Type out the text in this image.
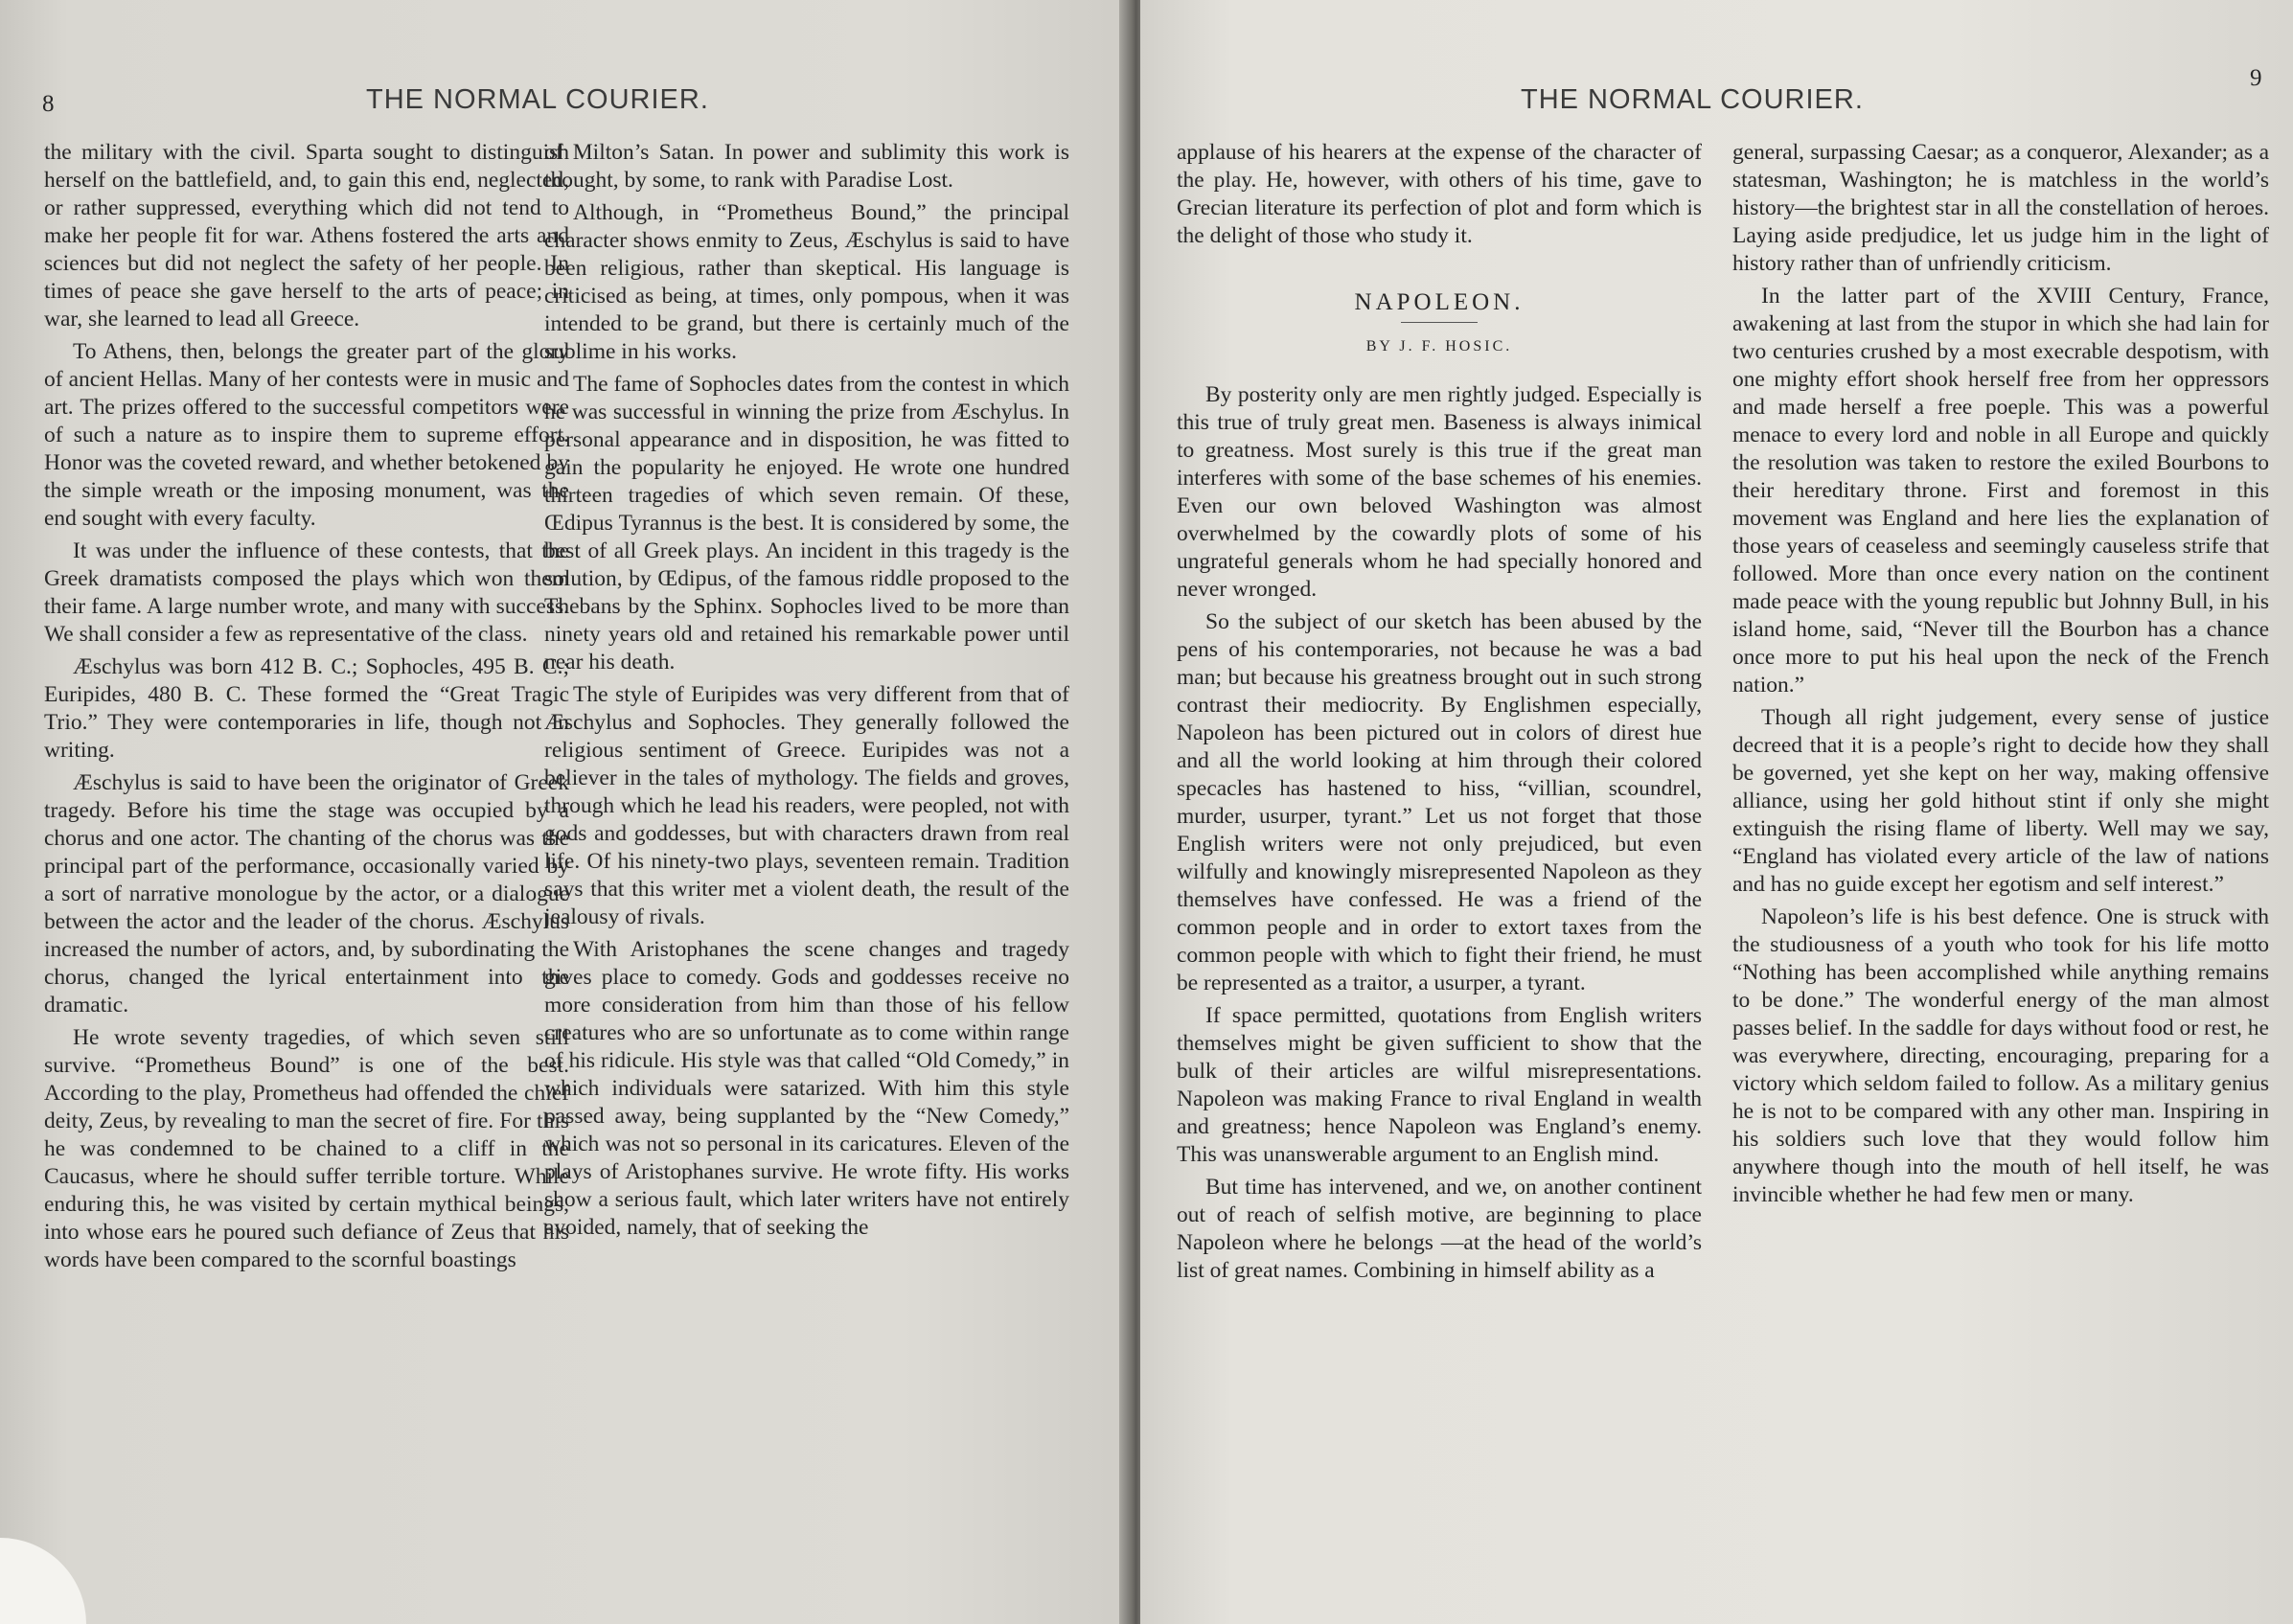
8	THE NORMAL COURIER.

the military with the civil. Sparta sought to distinguish herself on the battlefield, and, to gain this end, neglected, or rather suppressed, everything which did not tend to make her people fit for war. Athens fostered the arts and sciences but did not neglect the safety of her people. In times of peace she gave herself to the arts of peace; in war, she learned to lead all Greece.

To Athens, then, belongs the greater part of the glory of ancient Hellas. Many of her contests were in music and art. The prizes offered to the successful competitors were of such a nature as to inspire them to supreme effort. Honor was the coveted reward, and whether betokened by the simple wreath or the imposing monument, was the end sought with every faculty.

It was under the influence of these contests, that the Greek dramatists composed the plays which won them their fame. A large number wrote, and many with success. We shall consider a few as representative of the class.

Æschylus was born 412 B. C.; Sophocles, 495 B. C.; Euripides, 480 B. C. These formed the “Great Tragic Trio.” They were contemporaries in life, though not in writing.

Æschylus is said to have been the originator of Greek tragedy. Before his time the stage was occupied by a chorus and one actor. The chanting of the chorus was the principal part of the performance, occasionally varied by a sort of narrative monologue by the actor, or a dialogue between the actor and the leader of the chorus. Æschylus increased the number of actors, and, by subordinating the chorus, changed the lyrical entertainment into the dramatic.

He wrote seventy tragedies, of which seven still survive. “Prometheus Bound” is one of the best. According to the play, Prometheus had offended the chief deity, Zeus, by revealing to man the secret of fire. For this he was condemned to be chained to a cliff in the Caucasus, where he should suffer terrible torture. While enduring this, he was visited by certain mythical beings, into whose ears he poured such defiance of Zeus that his words have been compared to the scornful boastings

of Milton’s Satan. In power and sublimity this work is thought, by some, to rank with Paradise Lost.

Although, in “Prometheus Bound,” the principal character shows enmity to Zeus, Æschylus is said to have been religious, rather than skeptical. His language is criticised as being, at times, only pompous, when it was intended to be grand, but there is certainly much of the sublime in his works.

The fame of Sophocles dates from the contest in which he was successful in winning the prize from Æschylus. In personal appearance and in disposition, he was fitted to gain the popularity he enjoyed. He wrote one hundred thirteen tragedies of which seven remain. Of these, Œdipus Tyrannus is the best. It is considered by some, the best of all Greek plays. An incident in this tragedy is the solution, by Œdipus, of the famous riddle proposed to the Thebans by the Sphinx. Sophocles lived to be more than ninety years old and retained his remarkable power until near his death.

The style of Euripides was very different from that of Æschylus and Sophocles. They generally followed the religious sentiment of Greece. Euripides was not a believer in the tales of mythology. The fields and groves, through which he lead his readers, were peopled, not with gods and goddesses, but with characters drawn from real life. Of his ninety-two plays, seventeen remain. Tradition says that this writer met a violent death, the result of the jealousy of rivals.

With Aristophanes the scene changes and tragedy gives place to comedy. Gods and goddesses receive no more consideration from him than those of his fellow creatures who are so unfortunate as to come within range of his ridicule. His style was that called “Old Comedy,” in which individuals were satarized. With him this style passed away, being supplanted by the “New Comedy,” which was not so personal in its caricatures. Eleven of the plays of Aristophanes survive. He wrote fifty. His works show a serious fault, which later writers have not entirely avoided, namely, that of seeking the

THE NORMAL COURIER.
9

applause of his hearers at the expense of the character of the play. He, however, with others of his time, gave to Grecian literature its perfection of plot and form which is the delight of those who study it.

NAPOLEON.
BY J. F. HOSIC.

By posterity only are men rightly judged. Especially is this true of truly great men. Baseness is always inimical to greatness. Most surely is this true if the great man interferes with some of the base schemes of his enemies. Even our own beloved Washington was almost overwhelmed by the cowardly plots of some of his ungrateful generals whom he had specially honored and never wronged.

So the subject of our sketch has been abused by the pens of his contemporaries, not because he was a bad man; but because his greatness brought out in such strong contrast their mediocrity. By Englishmen especially, Napoleon has been pictured out in colors of direst hue and all the world looking at him through their colored specacles has hastened to hiss, “villian, scoundrel, murder, usurper, tyrant.” Let us not forget that those English writers were not only prejudiced, but even wilfully and knowingly misrepresented Napoleon as they themselves have confessed. He was a friend of the common people and in order to extort taxes from the common people with which to fight their friend, he must be represented as a traitor, a usurper, a tyrant.

If space permitted, quotations from English writers themselves might be given sufficient to show that the bulk of their articles are wilful misrepresentations. Napoleon was making France to rival England in wealth and greatness; hence Napoleon was England’s enemy. This was unanswerable argument to an English mind.

But time has intervened, and we, on another continent out of reach of selfish motive, are beginning to place Napoleon where he belongs —at the head of the world’s list of great names. Combining in himself ability as a

general, surpassing Caesar; as a conqueror, Alexander; as a statesman, Washington; he is matchless in the world’s history—the brightest star in all the constellation of heroes. Laying aside predjudice, let us judge him in the light of history rather than of unfriendly criticism.

In the latter part of the XVIII Century, France, awakening at last from the stupor in which she had lain for two centuries crushed by a most execrable despotism, with one mighty effort shook herself free from her oppressors and made herself a free poeple. This was a powerful menace to every lord and noble in all Europe and quickly the resolution was taken to restore the exiled Bourbons to their hereditary throne. First and foremost in this movement was England and here lies the explanation of those years of ceaseless and seemingly causeless strife that followed. More than once every nation on the continent made peace with the young republic but Johnny Bull, in his island home, said, “Never till the Bourbon has a chance once more to put his heal upon the neck of the French nation.”

Though all right judgement, every sense of justice decreed that it is a people’s right to decide how they shall be governed, yet she kept on her way, making offensive alliance, using her gold hithout stint if only she might extinguish the rising flame of liberty. Well may we say, “England has violated every article of the law of nations and has no guide except her egotism and self interest.”

Napoleon’s life is his best defence. One is struck with the studiousness of a youth who took for his life motto “Nothing has been accomplished while anything remains to be done.” The wonderful energy of the man almost passes belief. In the saddle for days without food or rest, he was everywhere, directing, encouraging, preparing for a victory which seldom failed to follow. As a military genius he is not to be compared with any other man. Inspiring in his soldiers such love that they would follow him anywhere though into the mouth of hell itself, he was invincible whether he had few men or many.
